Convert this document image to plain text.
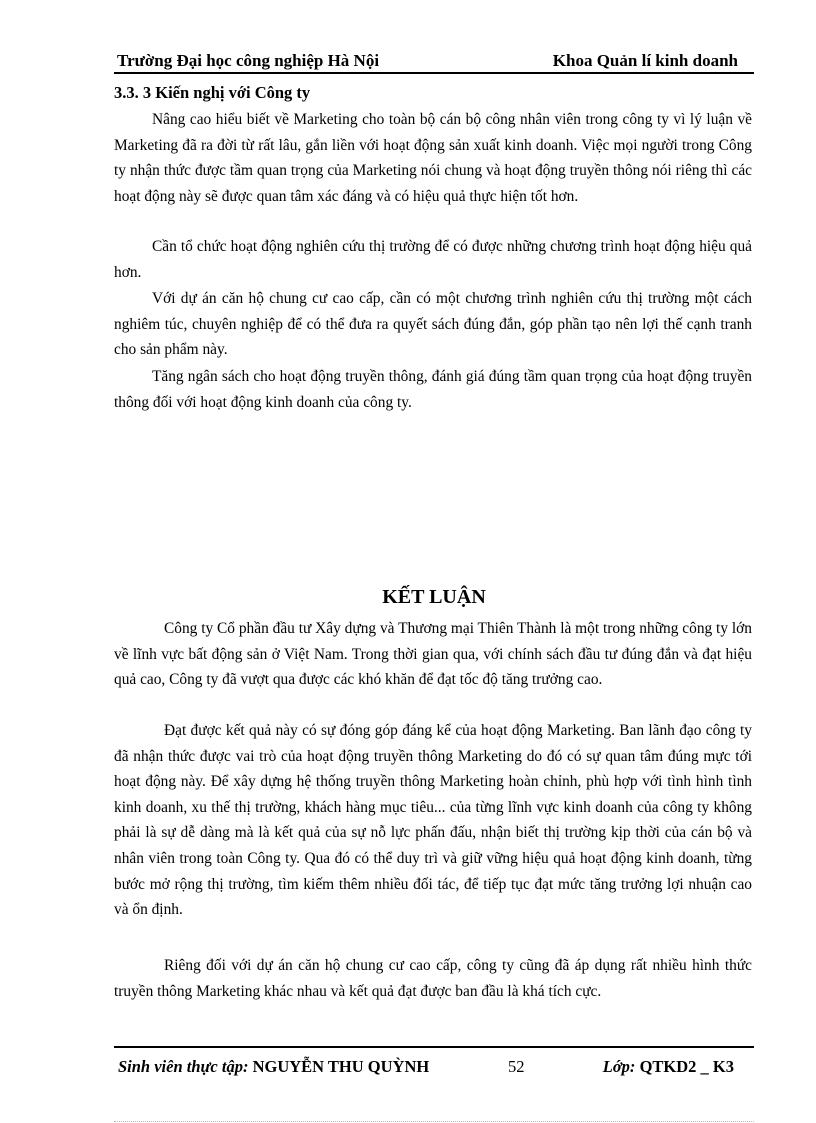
Trường Đại học công nghiệp Hà Nội	Khoa Quản lí kinh doanh
3.3. 3 Kiến nghị với Công ty

Nâng cao hiểu biết về Marketing cho toàn bộ cán bộ công nhân viên trong công ty vì lý luận về Marketing đã ra đời từ rất lâu, gắn liền với hoạt động sản xuất kinh doanh. Việc mọi người trong Công ty nhận thức được tầm quan trọng của Marketing nói chung và hoạt động truyền thông nói riêng thì các hoạt động này sẽ được quan tâm xác đáng và có hiệu quả thực hiện tốt hơn.

Cần tổ chức hoạt động nghiên cứu thị trường để có được những chương trình hoạt động hiệu quả hơn.

Với dự án căn hộ chung cư cao cấp, cần có một chương trình nghiên cứu thị trường một cách nghiêm túc, chuyên nghiệp để có thể đưa ra quyết sách đúng đắn, góp phần tạo nên lợi thế cạnh tranh cho sản phẩm này.

Tăng ngân sách cho hoạt động truyền thông, đánh giá đúng tầm quan trọng của hoạt động truyền thông đối với hoạt động kinh doanh của công ty.

KẾT LUẬN

Công ty Cổ phần đầu tư Xây dựng và Thương mại Thiên Thành là một trong những công ty lớn về lĩnh vực bất động sản ở Việt Nam. Trong thời gian qua, với chính sách đầu tư đúng đắn và đạt hiệu quả cao, Công ty đã vượt qua được các khó khăn để đạt tốc độ tăng trưởng cao.

Đạt được kết quả này có sự đóng góp đáng kể của hoạt động Marketing. Ban lãnh đạo công ty đã nhận thức được vai trò của hoạt động truyền thông Marketing do đó có sự quan tâm đúng mực tới hoạt động này. Để xây dựng hệ thống truyền thông Marketing hoàn chỉnh, phù hợp với tình hình tình kinh doanh, xu thế thị trường, khách hàng mục tiêu... của từng lĩnh vực kinh doanh của công ty không phải là sự dễ dàng mà là kết quả của sự nỗ lực phấn đấu, nhận biết thị trường kịp thời của cán bộ và nhân viên trong toàn Công ty. Qua đó có thể duy trì và giữ vững hiệu quả hoạt động kinh doanh, từng bước mở rộng thị trường, tìm kiếm thêm nhiều đối tác, để tiếp tục đạt mức tăng trưởng lợi nhuận cao và ổn định.

Riêng đối với dự án căn hộ chung cư cao cấp, công ty cũng đã áp dụng rất nhiều hình thức truyền thông Marketing khác nhau và kết quả đạt được ban đầu là khá tích cực.

Sinh viên thực tập: NGUYỄN THU QUỲNH	52	Lớp: QTKD2 _ K3
